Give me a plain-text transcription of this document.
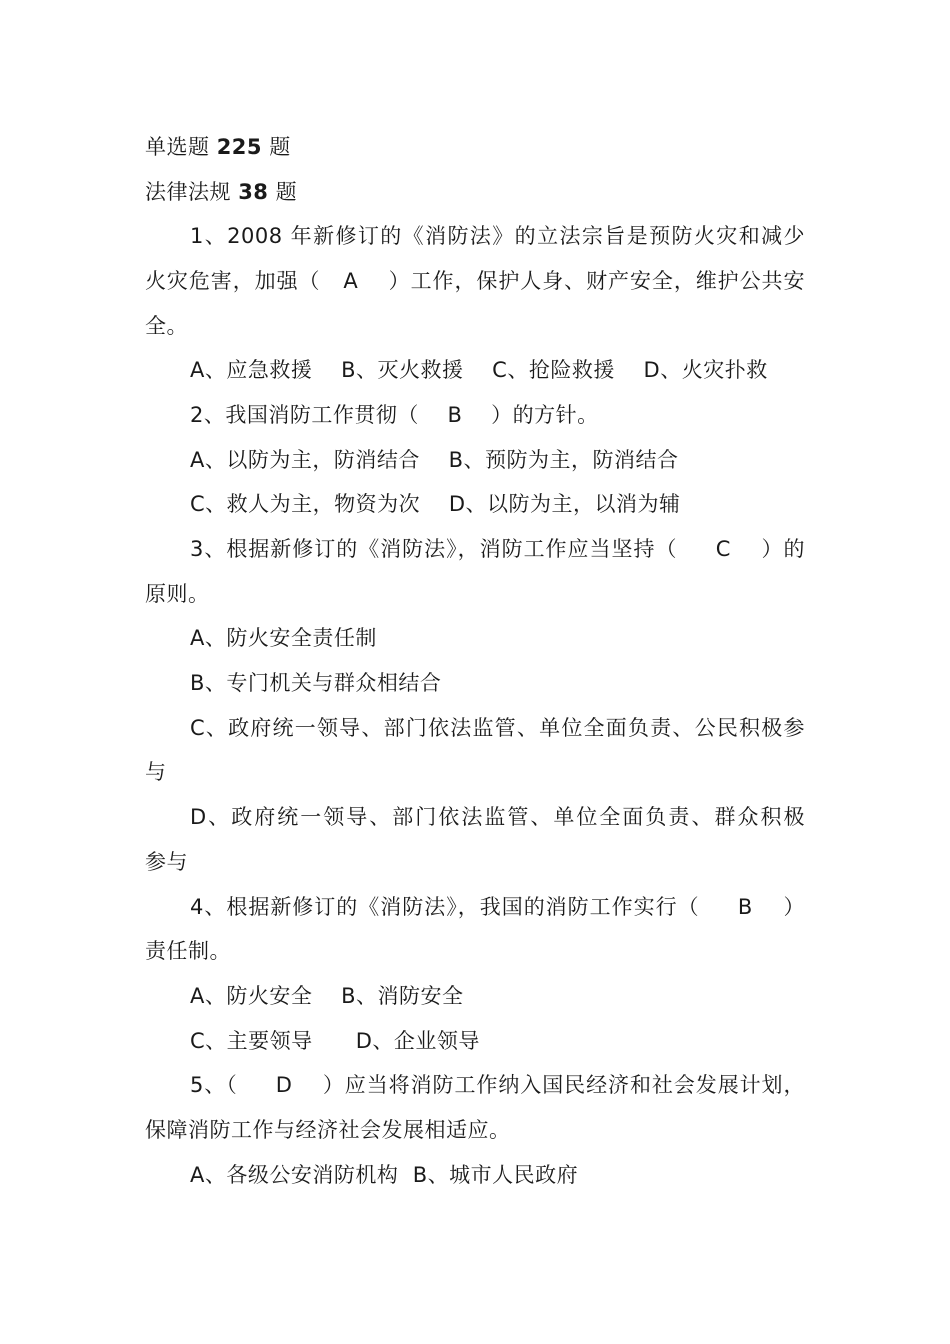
单选题 225 题
法律法规 38 题
1、2008 年新修订的《消防法》的立法宗旨是预防火灾和减少
火灾危害，加强（   A    ）工作，保护人身、财产安全，维护公共安
全。
A、应急救援    B、灭火救援    C、抢险救援    D、火灾扑救
2、我国消防工作贯彻（    B    ）的方针。
A、以防为主，防消结合    B、预防为主，防消结合
C、救人为主，物资为次    D、以防为主，以消为辅
3、根据新修订的《消防法》，消防工作应当坚持（     C    ）的
原则。
A、防火安全责任制
B、专门机关与群众相结合
C、政府统一领导、部门依法监管、单位全面负责、公民积极参
与
D、政府统一领导、部门依法监管、单位全面负责、群众积极
参与
4、根据新修订的《消防法》，我国的消防工作实行（     B    ）
责任制。
A、防火安全    B、消防安全
C、主要领导      D、企业领导
5、（     D    ）应当将消防工作纳入国民经济和社会发展计划，
保障消防工作与经济社会发展相适应。
A、各级公安消防机构  B、城市人民政府
